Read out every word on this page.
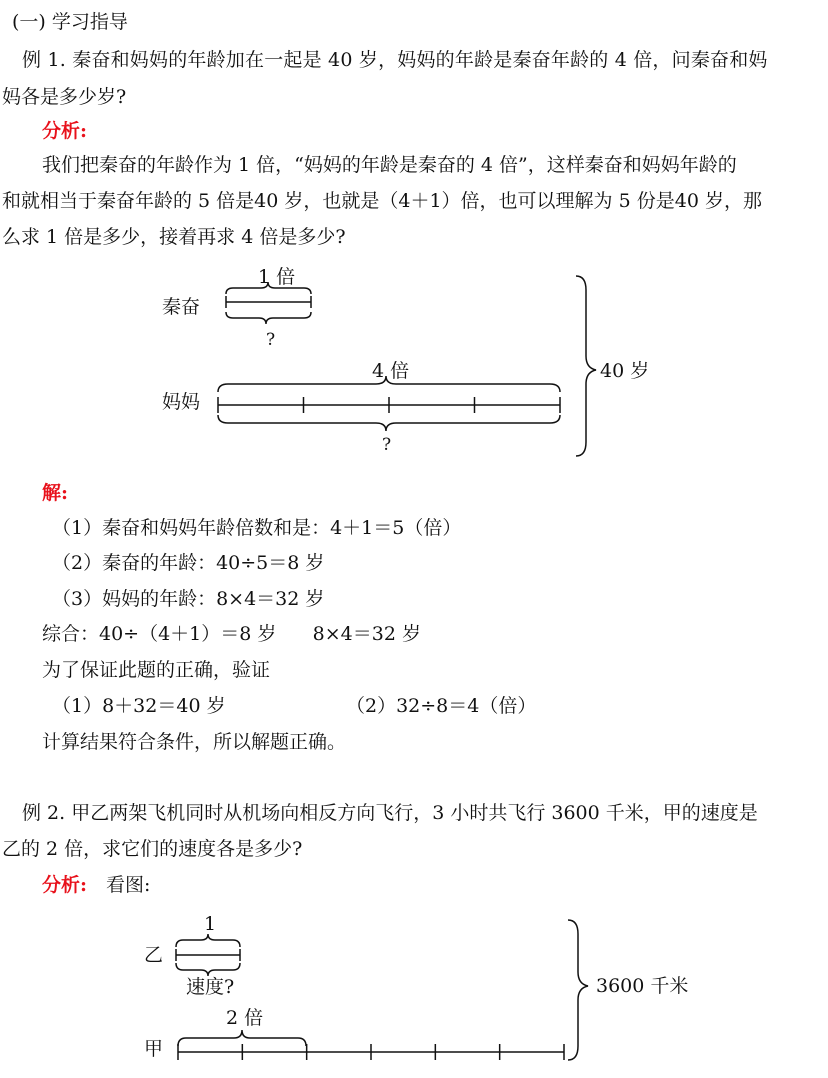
(一) 学习指导
例 1. 秦奋和妈妈的年龄加在一起是 40 岁，妈妈的年龄是秦奋年龄的 4 倍，问秦奋和妈
妈各是多少岁?
分析:
我们把秦奋的年龄作为 1 倍，“妈妈的年龄是秦奋的 4 倍”，这样秦奋和妈妈年龄的
和就相当于秦奋年龄的 5 倍是40 岁，也就是（4＋1）倍，也可以理解为 5 份是40 岁，那
么求 1 倍是多少，接着再求 4 倍是多少?
秦奋
1 倍
?
妈妈
4 倍
?
40 岁
解:
（1）秦奋和妈妈年龄倍数和是：4＋1＝5（倍）
（2）秦奋的年龄：40÷5＝8 岁
（3）妈妈的年龄：8×4＝32 岁
综合：40÷（4＋1）＝8 岁      8×4＝32 岁
为了保证此题的正确，验证
（1）8＋32＝40 岁	（2）32÷8＝4（倍）
计算结果符合条件，所以解题正确。
例 2. 甲乙两架飞机同时从机场向相反方向飞行，3 小时共飞行 3600 千米，甲的速度是
乙的 2 倍，求它们的速度各是多少?
分析: 看图:
1
乙
速度?	3600 千米
2 倍
甲
